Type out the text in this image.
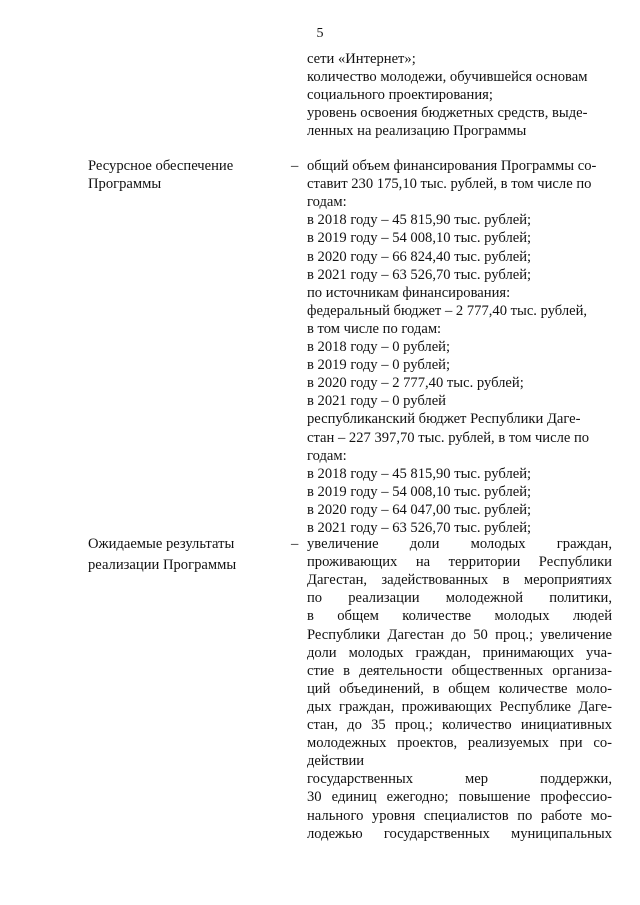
5
сети «Интернет»;
количество молодежи, обучившейся основам
социального проектирования;
уровень освоения бюджетных средств, выде-
ленных на реализацию Программы
Ресурсное обеспечение
Программы
– общий объем финансирования Программы со-
ставит 230 175,10 тыс. рублей, в том числе по
годам:
в 2018 году – 45 815,90 тыс. рублей;
в 2019 году – 54 008,10 тыс. рублей;
в 2020 году – 66 824,40 тыс. рублей;
в 2021 году – 63 526,70 тыс. рублей;
по источникам финансирования:
федеральный бюджет – 2 777,40 тыс. рублей,
в том числе по годам:
в 2018 году – 0 рублей;
в 2019 году – 0 рублей;
в 2020 году – 2 777,40 тыс. рублей;
в 2021 году – 0 рублей
республиканский бюджет Республики Даге-
стан – 227 397,70 тыс. рублей, в том числе по
годам:
в 2018 году – 45 815,90 тыс. рублей;
в 2019 году – 54 008,10 тыс. рублей;
в 2020 году – 64 047,00 тыс. рублей;
в 2021 году – 63 526,70 тыс. рублей;
Ожидаемые результаты
реализации Программы
– увеличение доли молодых граждан,
проживающих на территории Республики
Дагестан, задействованных в мероприятиях
по реализации молодежной политики,
в общем количестве молодых людей
Республики Дагестан до 50 проц.; увеличение
доли молодых граждан, принимающих уча-
стие в деятельности общественных организа-
ций объединений, в общем количестве моло-
дых граждан, проживающих Республике Даге-
стан, до 35 проц.; количество инициативных
молодежных проектов, реализуемых при со-
действии
государственных мер поддержки,
30 единиц ежегодно; повышение профессио-
нального уровня специалистов по работе мо-
лодежью государственных муниципальных
